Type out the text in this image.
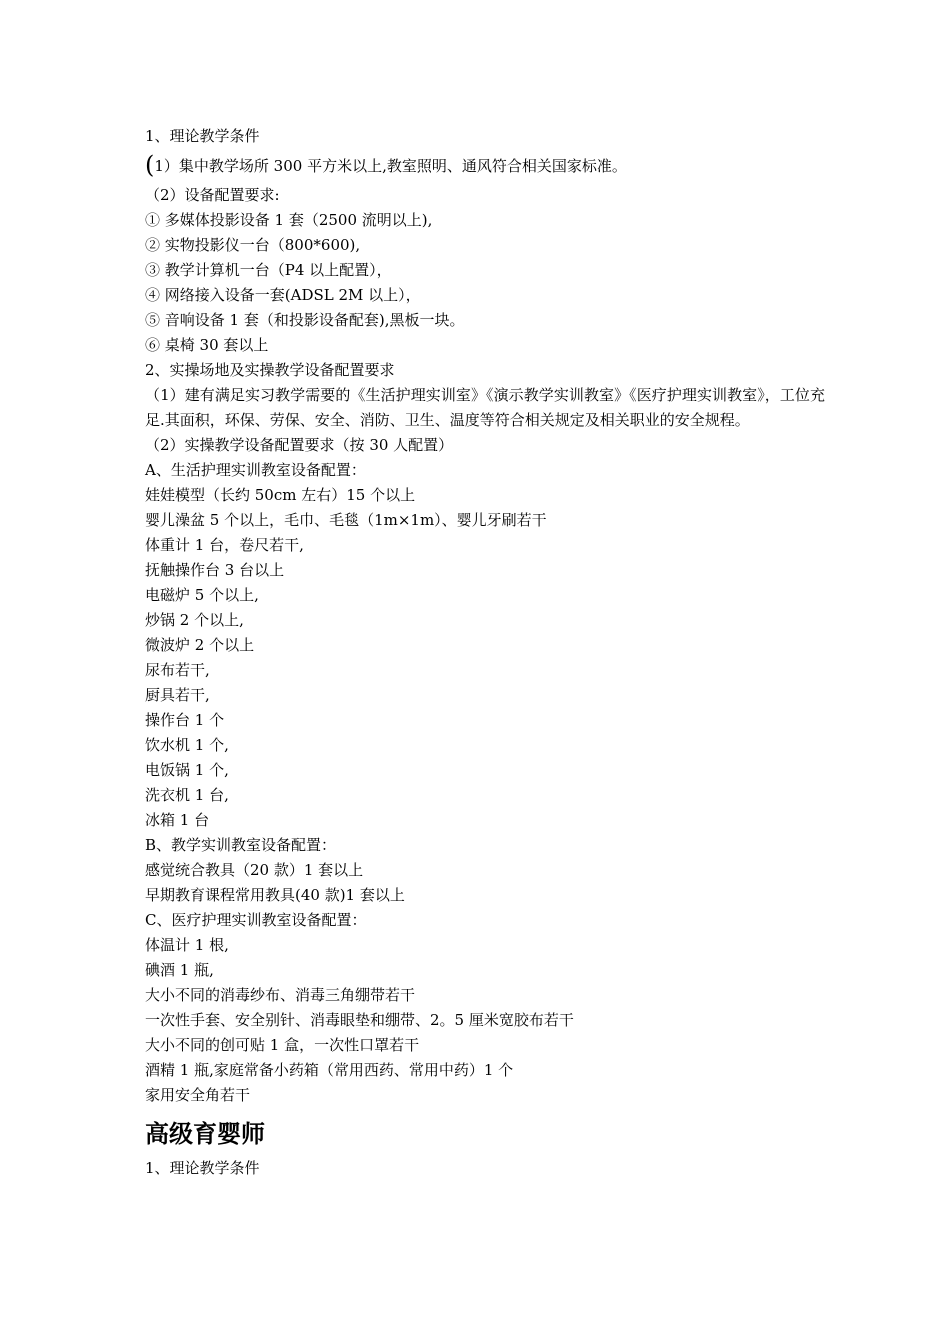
1、理论教学条件
(1）集中教学场所 300 平方米以上,教室照明、通风符合相关国家标准。
（2）设备配置要求:
① 多媒体投影设备 1 套（2500 流明以上),
② 实物投影仪一台（800*600),
③ 教学计算机一台（P4 以上配置），
④ 网络接入设备一套(ADSL 2M 以上），
⑤ 音响设备 1 套（和投影设备配套),黑板一块。
⑥ 桌椅 30 套以上
2、实操场地及实操教学设备配置要求
（1）建有满足实习教学需要的《生活护理实训室》《演示教学实训教室》《医疗护理实训教室》，工位充足.其面积，环保、劳保、安全、消防、卫生、温度等符合相关规定及相关职业的安全规程。
（2）实操教学设备配置要求（按 30 人配置）
A、生活护理实训教室设备配置：
娃娃模型（长约 50cm 左右）15 个以上
婴儿澡盆 5 个以上，毛巾、毛毯（1m×1m）、婴儿牙刷若干
体重计 1 台，卷尺若干,
抚触操作台 3 台以上
电磁炉 5 个以上,
炒锅 2 个以上,
微波炉 2 个以上
尿布若干,
厨具若干,
操作台 1 个
饮水机 1 个,
电饭锅 1 个,
洗衣机 1 台,
冰箱 1 台
B、教学实训教室设备配置：
感觉统合教具（20 款）1 套以上
早期教育课程常用教具(40 款)1 套以上
C、医疗护理实训教室设备配置：
体温计 1 根,
碘酒 1 瓶,
大小不同的消毒纱布、消毒三角绷带若干
一次性手套、安全别针、消毒眼垫和绷带、2。5 厘米宽胶布若干
大小不同的创可贴 1 盒，一次性口罩若干
酒精 1 瓶,家庭常备小药箱（常用西药、常用中药）1 个
家用安全角若干
高级育婴师
1、理论教学条件
